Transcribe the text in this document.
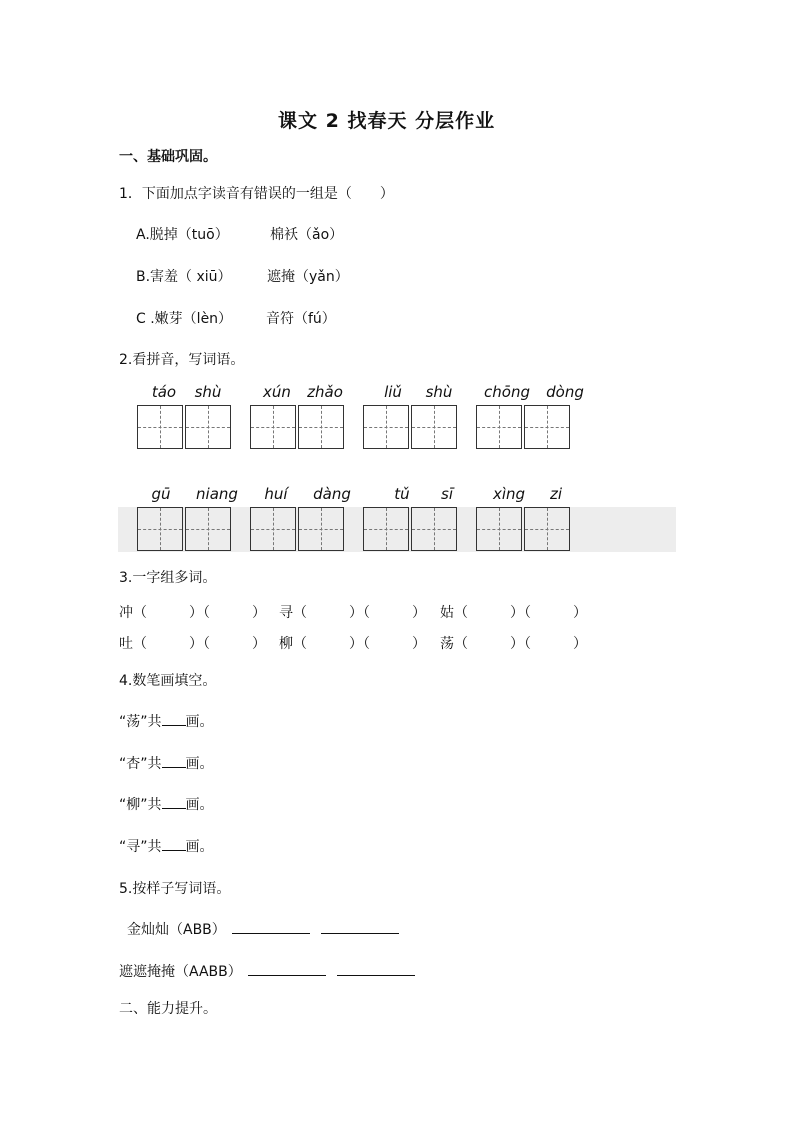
课文 2 找春天 分层作业
一、基础巩固。
1．下面加点字读音有错误的一组是（　　）
A.脱掉（tuō）	棉袄（ǎo）
B.害羞（ xiū）	遮掩（yǎn）
C .嫩芽（lèn） 音符（fú）
2.看拼音，写词语。
táo	shù	xún	zhǎo	liǔ	shù	chōng dòng
gū	niang	huí	dàng	tǔ	sī	xìng	zi
3.一字组多词。
冲（　　　）（　　　） 寻（　　　）（　　　） 姑（　　　）（　　　）
吐（　　　）（　　　） 柳（　　　）（　　　） 荡（　　　）（　　　）
4.数笔画填空。
“荡”共 画。
“杏”共 画。
“柳”共 画。
“寻”共 画。
5.按样子写词语。
金灿灿（ABB）
遮遮掩掩（AABB）
二、能力提升。
